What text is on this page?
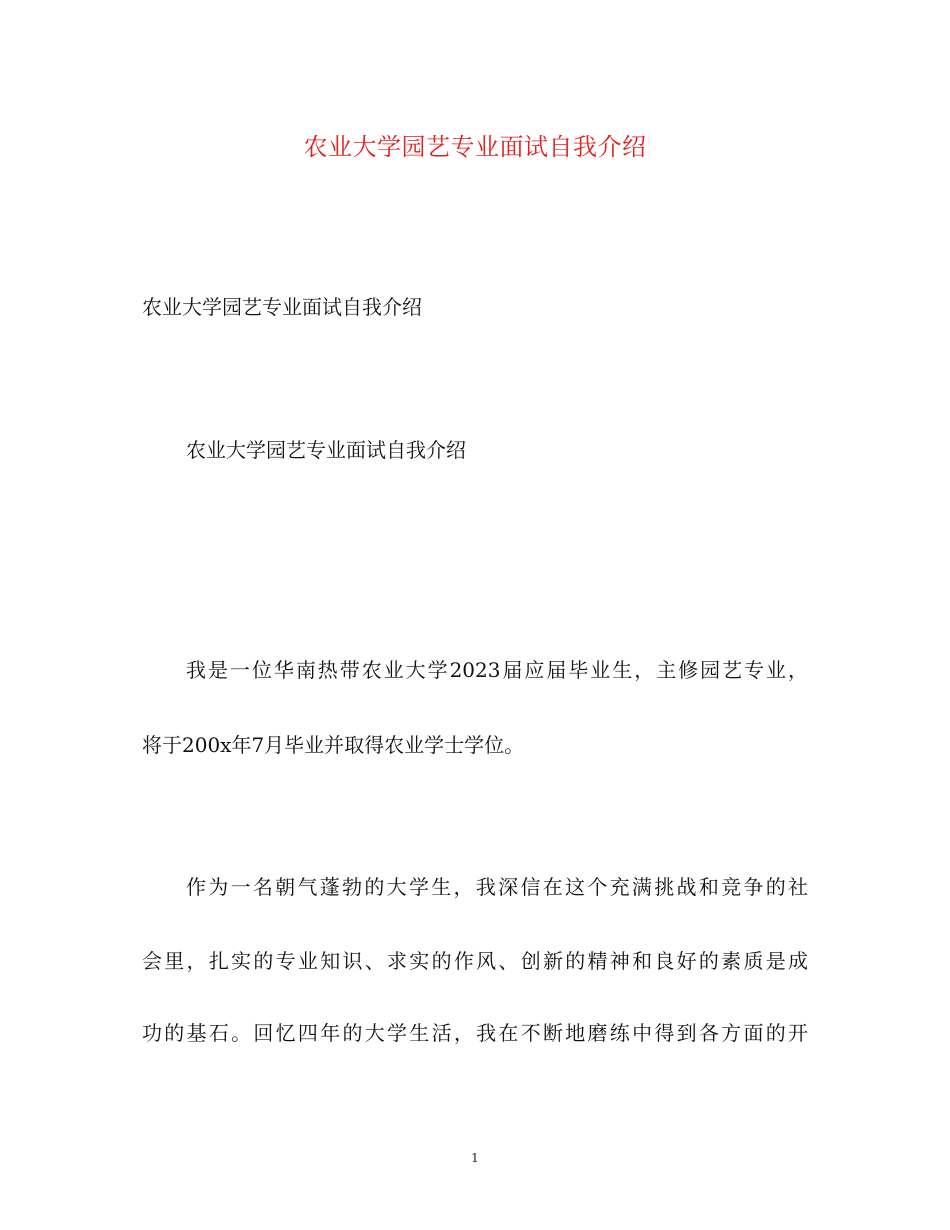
农业大学园艺专业面试自我介绍
农业大学园艺专业面试自我介绍
农业大学园艺专业面试自我介绍
我是一位华南热带农业大学2023届应届毕业生，主修园艺专业，
将于200x年7月毕业并取得农业学士学位。
作为一名朝气蓬勃的大学生，我深信在这个充满挑战和竞争的社
会里，扎实的专业知识、求实的作风、创新的精神和良好的素质是成
功的基石。回忆四年的大学生活，我在不断地磨练中得到各方面的开
1
